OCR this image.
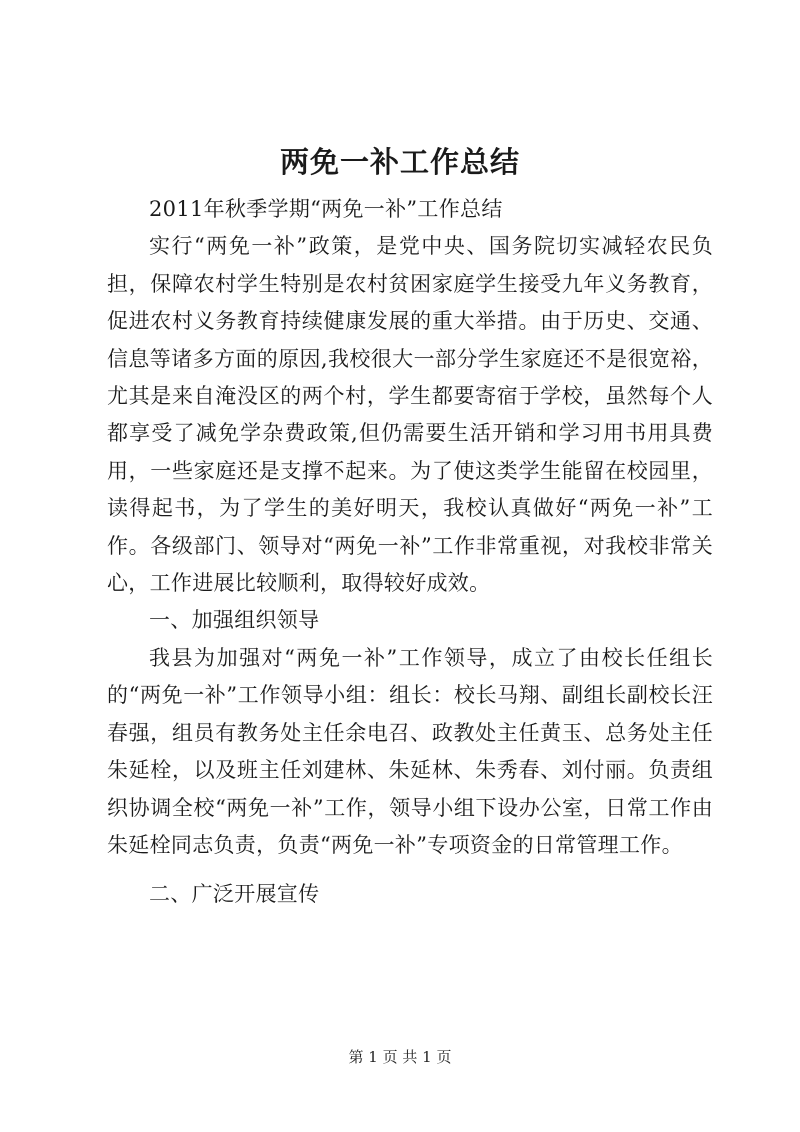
两免一补工作总结

2011年秋季学期“两免一补”工作总结

实行“两免一补”政策，是党中央、国务院切实减轻农民负担，保障农村学生特别是农村贫困家庭学生接受九年义务教育，促进农村义务教育持续健康发展的重大举措。由于历史、交通、信息等诸多方面的原因,我校很大一部分学生家庭还不是很宽裕，尤其是来自淹没区的两个村，学生都要寄宿于学校，虽然每个人都享受了减免学杂费政策,但仍需要生活开销和学习用书用具费用，一些家庭还是支撑不起来。为了使这类学生能留在校园里，读得起书，为了学生的美好明天，我校认真做好“两免一补”工作。各级部门、领导对“两免一补”工作非常重视，对我校非常关心，工作进展比较顺利，取得较好成效。

一、加强组织领导

我县为加强对“两免一补”工作领导，成立了由校长任组长的“两免一补”工作领导小组：组长：校长马翔、副组长副校长汪春强，组员有教务处主任余电召、政教处主任黄玉、总务处主任朱延栓，以及班主任刘建林、朱延林、朱秀春、刘付丽。负责组织协调全校“两免一补”工作，领导小组下设办公室，日常工作由朱延栓同志负责，负责“两免一补”专项资金的日常管理工作。

二、广泛开展宣传

第 1 页 共 1 页
